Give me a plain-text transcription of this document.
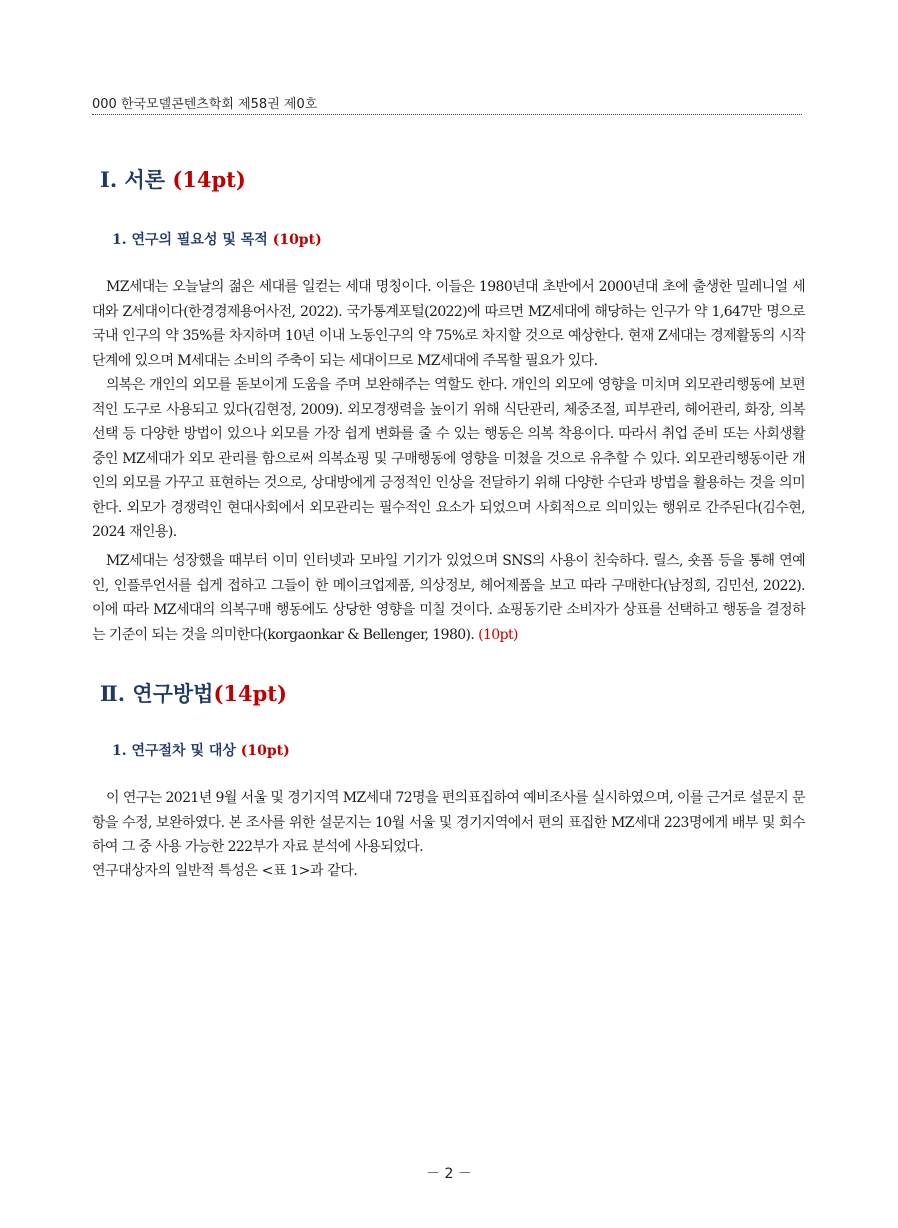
000 한국모델콘텐츠학회 제58권 제0호
Ⅰ. 서론 (14pt)
1. 연구의 필요성 및 목적 (10pt)

MZ세대는 오늘날의 젊은 세대를 일컫는 세대 명칭이다. 이들은 1980년대 초반에서 2000년대 초에 출생한 밀레니얼 세대와 Z세대이다(한경경제용어사전, 2022). 국가통계포털(2022)에 따르면 MZ세대에 해당하는 인구가 약 1,647만 명으로 국내 인구의 약 35%를 차지하며 10년 이내 노동인구의 약 75%로 차지할 것으로 예상한다. 현재 Z세대는 경제활동의 시작 단계에 있으며 M세대는 소비의 주축이 되는 세대이므로 MZ세대에 주목할 필요가 있다.

의복은 개인의 외모를 돋보이게 도움을 주며 보완해주는 역할도 한다. 개인의 외모에 영향을 미치며 외모관리행동에 보편적인 도구로 사용되고 있다(김현정, 2009). 외모경쟁력을 높이기 위해 식단관리, 체중조절, 피부관리, 헤어관리, 화장, 의복선택 등 다양한 방법이 있으나 외모를 가장 쉽게 변화를 줄 수 있는 행동은 의복 착용이다. 따라서 취업 준비 또는 사회생활 중인 MZ세대가 외모 관리를 함으로써 의복쇼핑 및 구매행동에 영향을 미쳤을 것으로 유추할 수 있다. 외모관리행동이란 개인의 외모를 가꾸고 표현하는 것으로, 상대방에게 긍정적인 인상을 전달하기 위해 다양한 수단과 방법을 활용하는 것을 의미한다. 외모가 경쟁력인 현대사회에서 외모관리는 필수적인 요소가 되었으며 사회적으로 의미있는 행위로 간주된다(김수현, 2024 재인용).

MZ세대는 성장했을 때부터 이미 인터넷과 모바일 기기가 있었으며 SNS의 사용이 친숙하다. 릴스, 숏폼 등을 통해 연예인, 인플루언서를 쉽게 접하고 그들이 한 메이크업제품, 의상정보, 헤어제품을 보고 따라 구매한다(남정희, 김민선, 2022). 이에 따라 MZ세대의 의복구매 행동에도 상당한 영향을 미칠 것이다. 쇼핑동기란 소비자가 상표를 선택하고 행동을 결정하는 기준이 되는 것을 의미한다(korgaonkar & Bellenger, 1980). (10pt)

Ⅱ. 연구방법(14pt)
1. 연구절차 및 대상 (10pt)

이 연구는 2021년 9월 서울 및 경기지역 MZ세대 72명을 편의표집하여 예비조사를 실시하였으며, 이를 근거로 설문지 문항을 수정, 보완하였다. 본 조사를 위한 설문지는 10월 서울 및 경기지역에서 편의 표집한 MZ세대 223명에게 배부 및 회수하여 그 중 사용 가능한 222부가 자료 분석에 사용되었다.

연구대상자의 일반적 특성은 <표 1>과 같다.
－ 2 －
